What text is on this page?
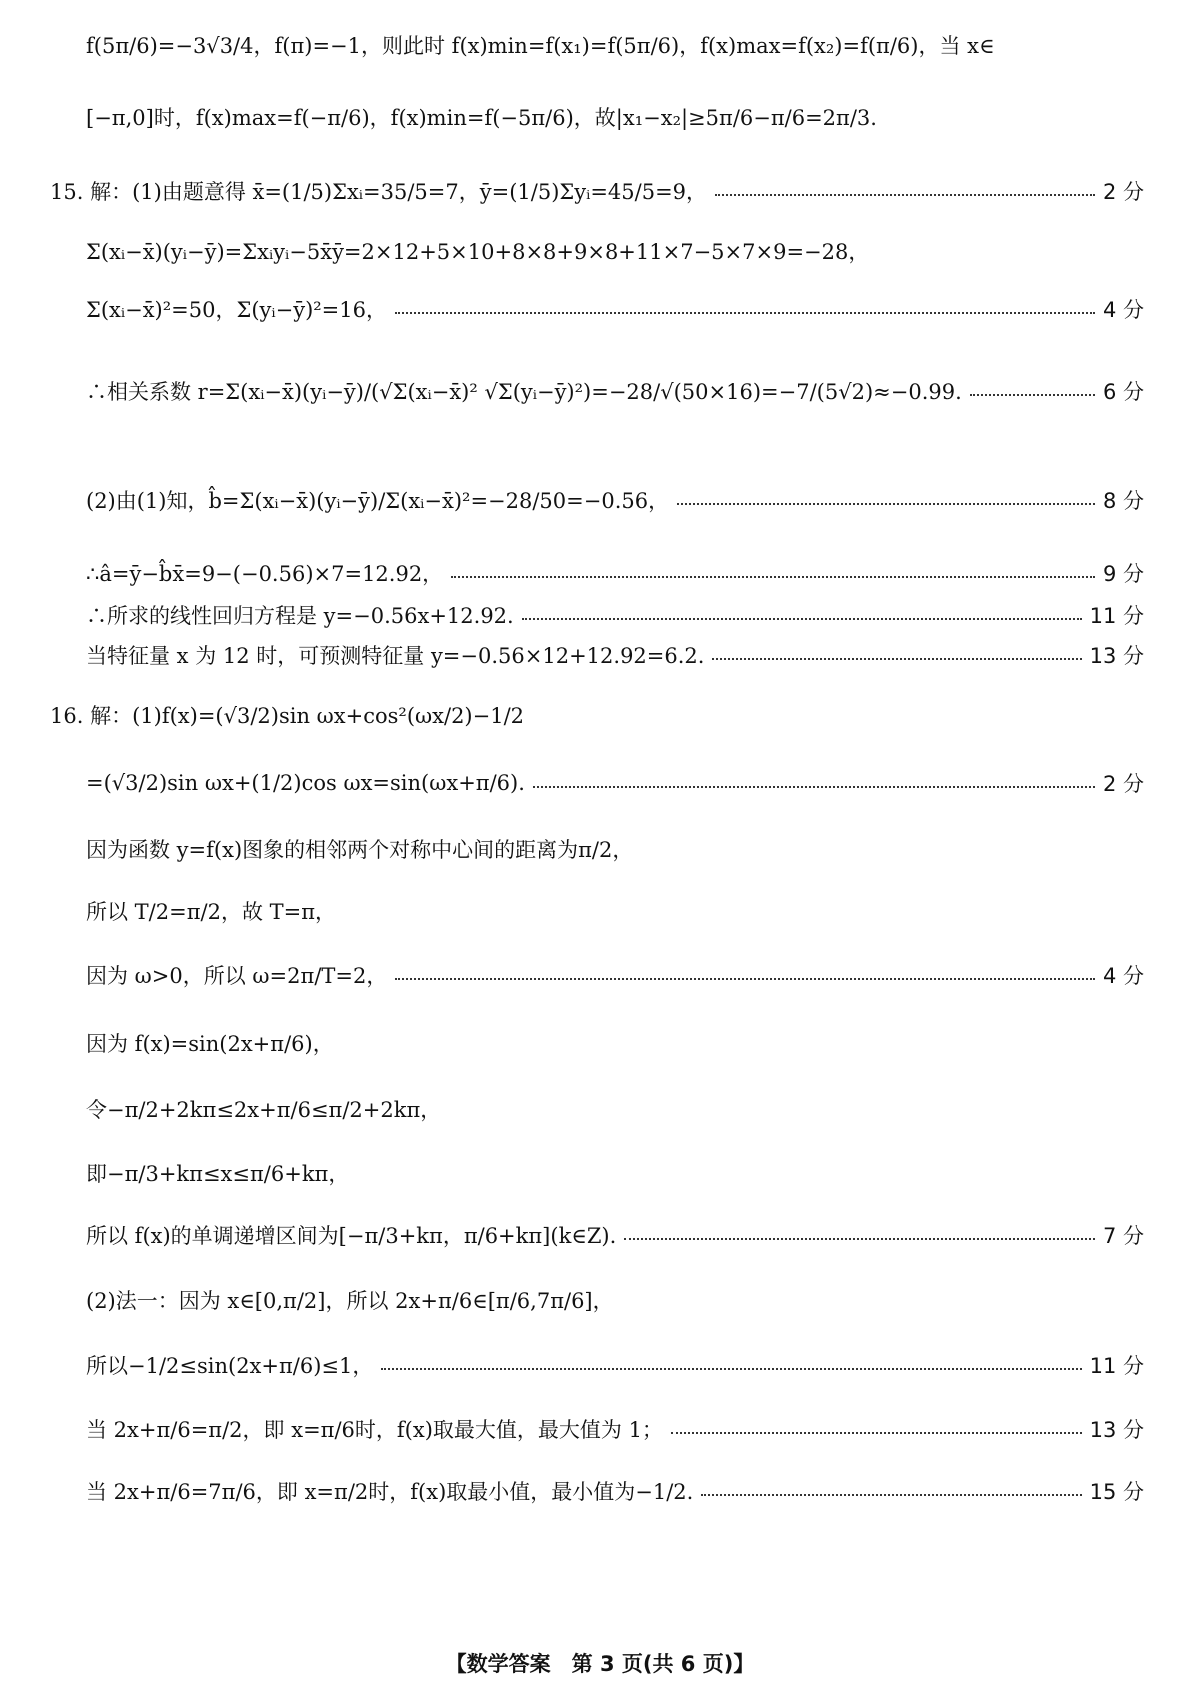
f(5π/6)=−3√3/4，f(π)=−1，则此时 f(x)min=f(x₁)=f(5π/6)，f(x)max=f(x₂)=f(π/6)，当 x∈
[−π,0]时，f(x)max=f(−π/6)，f(x)min=f(−5π/6)，故|x₁−x₂|≥5π/6−π/6=2π/3.
15. 解：(1)由题意得 x̄=(1/5)Σxᵢ=35/5=7，ȳ=(1/5)Σyᵢ=45/5=9，	2 分
Σ(xᵢ−x̄)(yᵢ−ȳ)=Σxᵢyᵢ−5x̄ȳ=2×12+5×10+8×8+9×8+11×7−5×7×9=−28，
Σ(xᵢ−x̄)²=50，Σ(yᵢ−ȳ)²=16，	4 分
∴相关系数 r=Σ(xᵢ−x̄)(yᵢ−ȳ)/(√Σ(xᵢ−x̄)² √Σ(yᵢ−ȳ)²)=−28/√(50×16)=−7/(5√2)≈−0.99.	6 分
(2)由(1)知，b̂=Σ(xᵢ−x̄)(yᵢ−ȳ)/Σ(xᵢ−x̄)²=−28/50=−0.56，	8 分
∴â=ȳ−b̂x̄=9−(−0.56)×7=12.92，	9 分
∴所求的线性回归方程是 y=−0.56x+12.92.	11 分
当特征量 x 为 12 时，可预测特征量 y=−0.56×12+12.92=6.2.	13 分
16. 解：(1)f(x)=(√3/2)sin ωx+cos²(ωx/2)−1/2
=(√3/2)sin ωx+(1/2)cos ωx=sin(ωx+π/6).	2 分
因为函数 y=f(x)图象的相邻两个对称中心间的距离为π/2，
所以 T/2=π/2，故 T=π，
因为 ω>0，所以 ω=2π/T=2，	4 分
因为 f(x)=sin(2x+π/6)，
令−π/2+2kπ≤2x+π/6≤π/2+2kπ，
即−π/3+kπ≤x≤π/6+kπ，
所以 f(x)的单调递增区间为[−π/3+kπ，π/6+kπ](k∈Z).	7 分
(2)法一：因为 x∈[0,π/2]，所以 2x+π/6∈[π/6,7π/6]，
所以−1/2≤sin(2x+π/6)≤1，	11 分
当 2x+π/6=π/2，即 x=π/6时，f(x)取最大值，最大值为 1；	13 分
当 2x+π/6=7π/6，即 x=π/2时，f(x)取最小值，最小值为−1/2.	15 分
【数学答案　第 3 页(共 6 页)】
